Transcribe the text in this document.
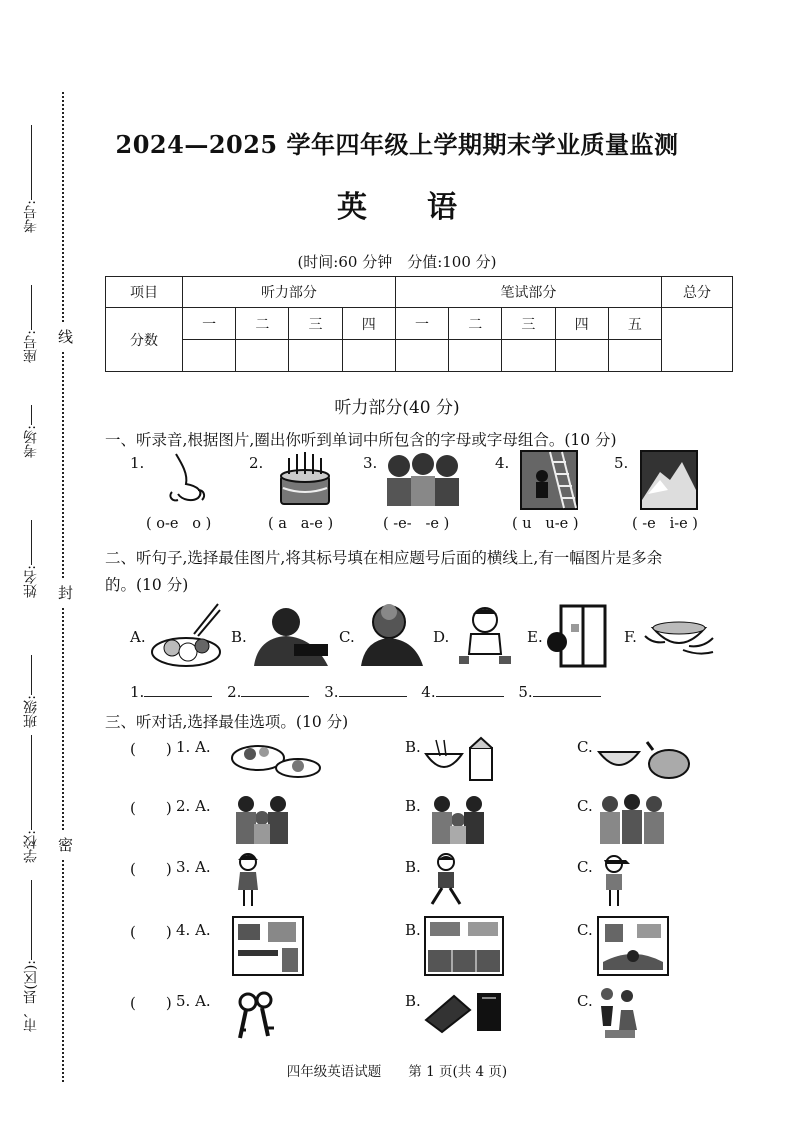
考号:
座号:
考场:
姓名:
班级:
学校:
市、县(区):
线
封
密
2024—2025 学年四年级上学期期末学业质量监测
英语
(时间:60 分钟　分值:100 分)
项目	听力部分				笔试部分					总分
分数	一	二	三	四	一	二	三	四	五	

听力部分(40 分)
一、听录音,根据图片,圈出你听到单词中所包含的字母或字母组合。(10 分)
1.
( o-e   o )
2.
( a   a-e )
3.
( -e-   -e )
4.
( u   u-e )
5.
( -e   i-e )
二、听句子,选择最佳图片,将其标号填在相应题号后面的横线上,有一幅图片是多余
的。(10 分)
A.	B.	C.	D.	E.	F.
1.	2.	3.	4.	5.
三、听对话,选择最佳选项。(10 分)
(　　) 1. A.	B.	C.
(　　) 2. A.	B.	C.
(　　) 3. A.	B.	C.
(　　) 4. A.	B.	C.
(　　) 5. A.	B.	C.
四年级英语试题　　第 1 页(共 4 页)
